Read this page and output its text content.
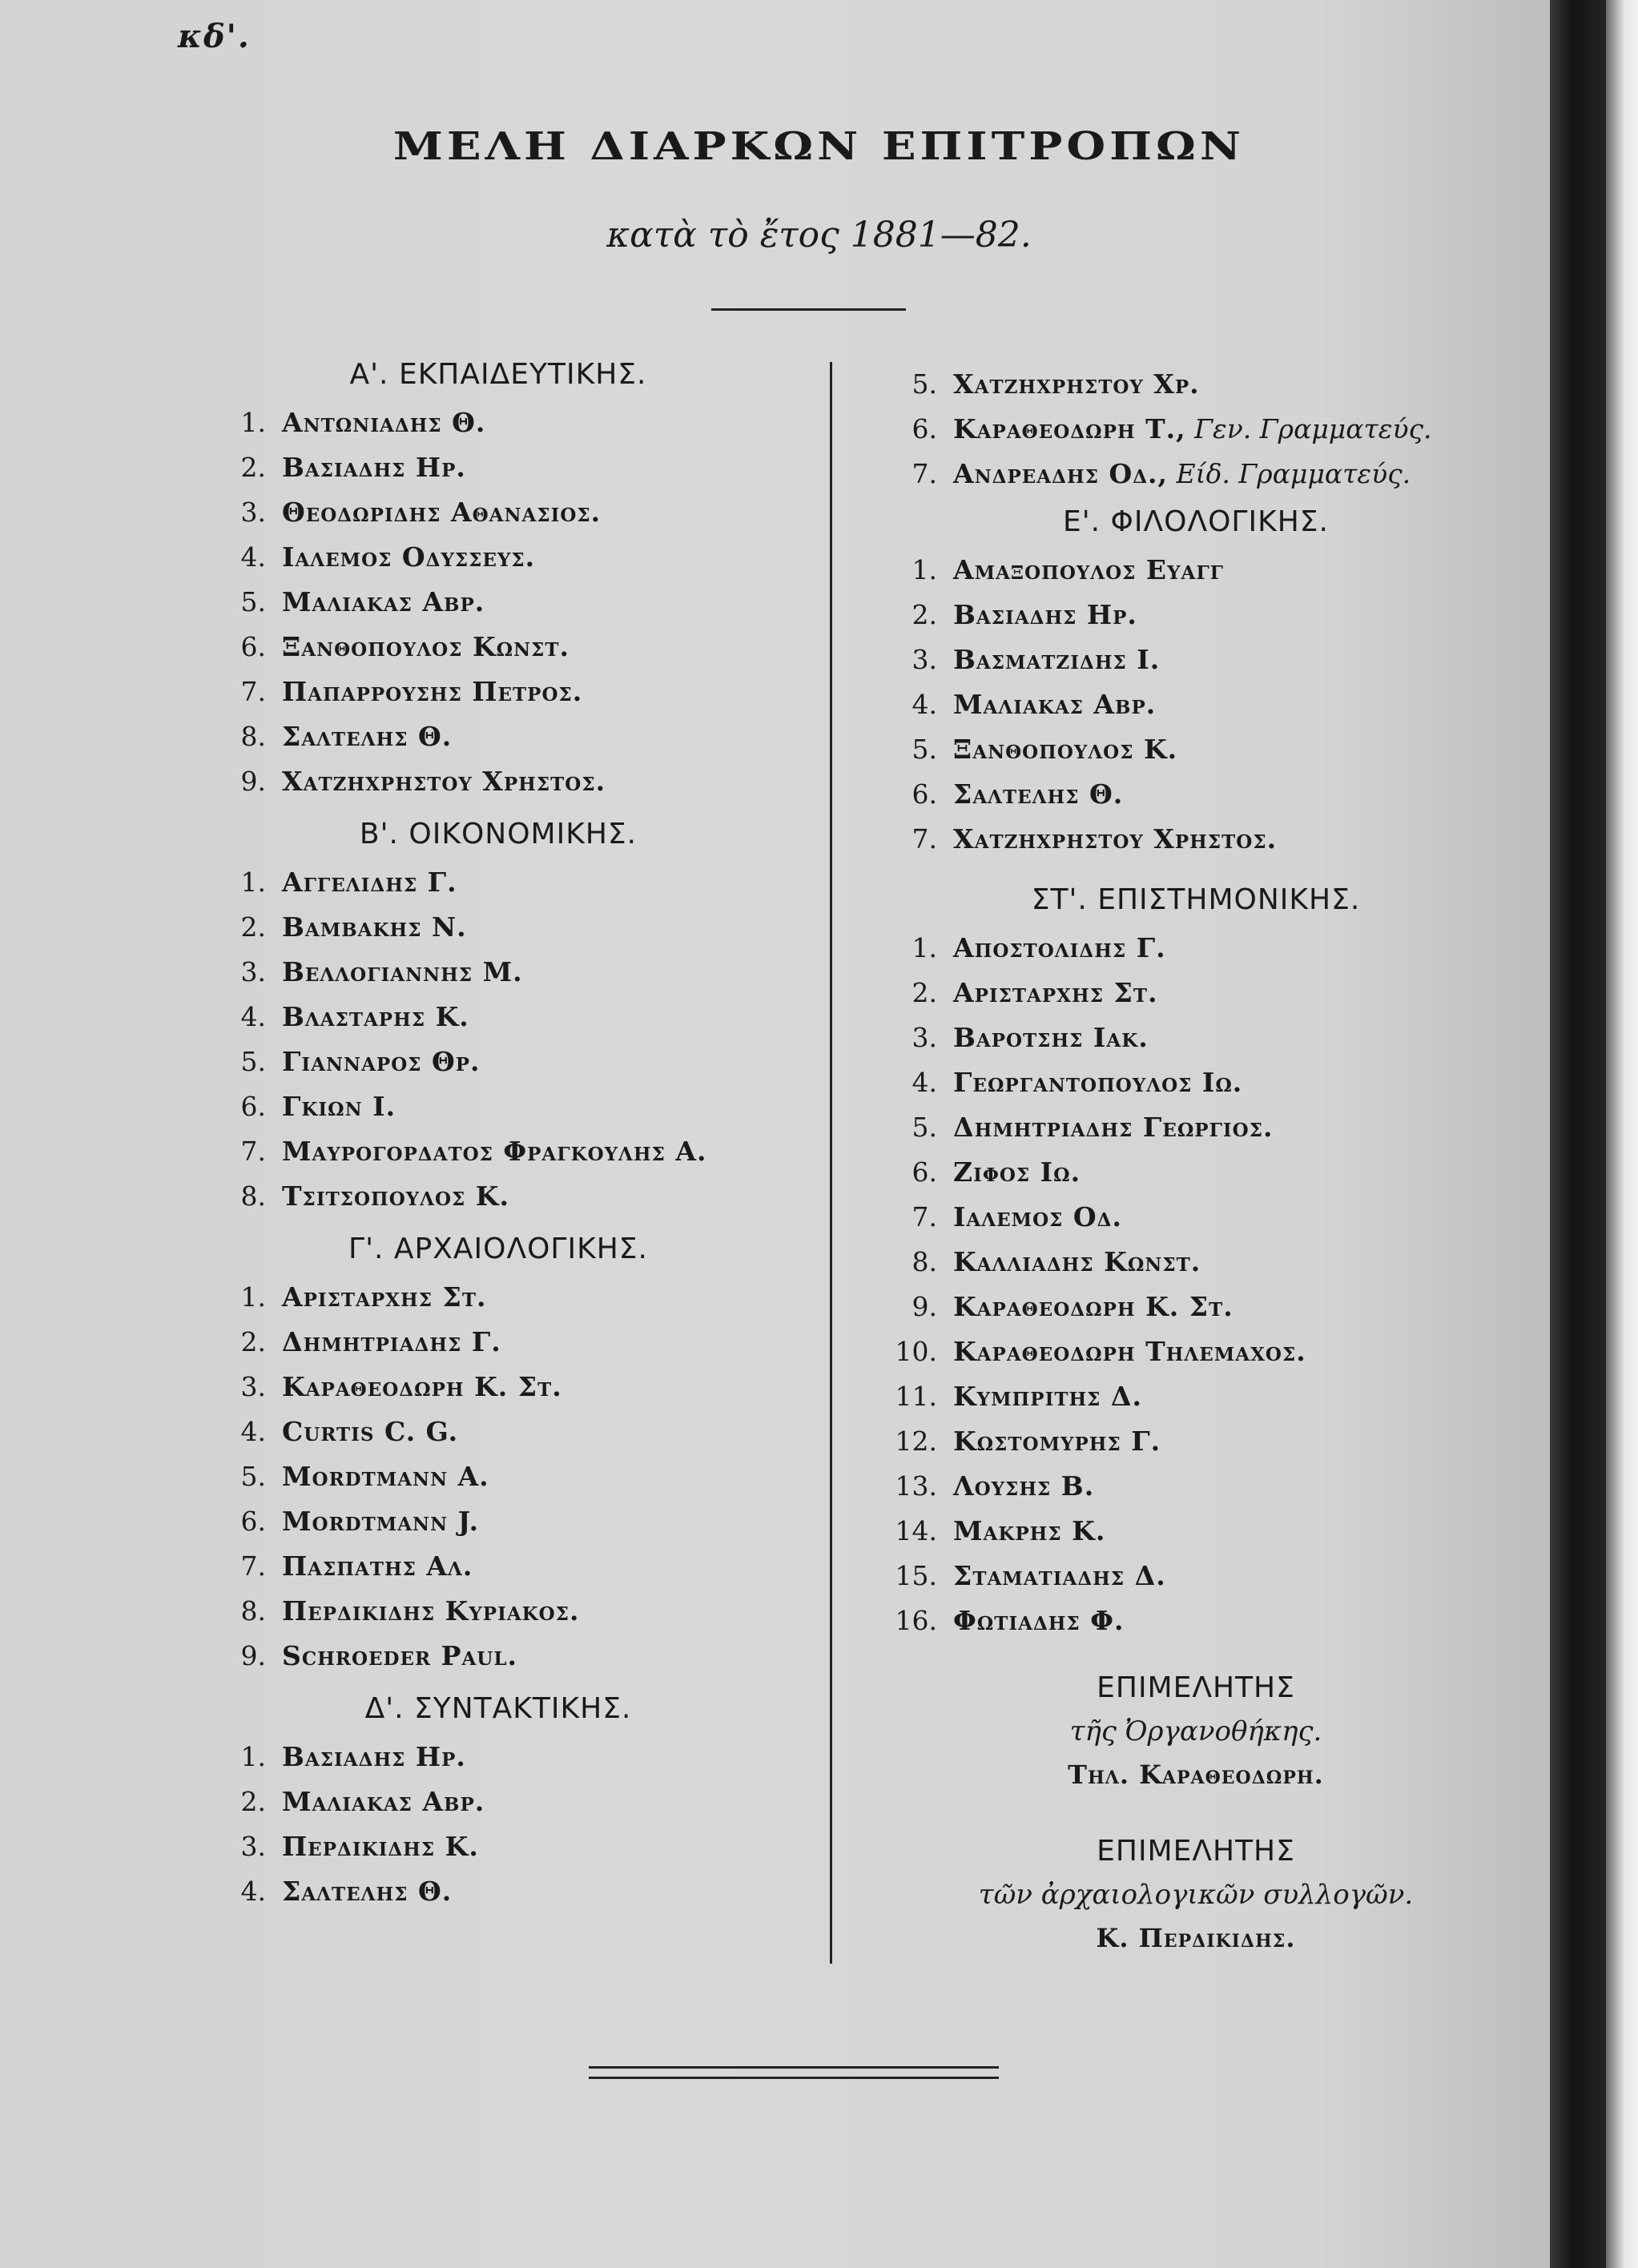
κδ'.
ΜΕΛΗ ΔΙΑΡΚΩΝ ΕΠΙΤΡΟΠΩΝ
κατὰ τὸ ἔτος 1881—82.
Α'. ΕΚΠΑΙΔΕΥΤΙΚΗΣ.
1. Αντωνιαδης Θ.
2. Βασιαδης Ηρ.
3. Θεοδωριδης Αθανασιος.
4. Ιαλεμος Οδυσσευς.
5. Μαλιακας Αβρ.
6. Ξανθοπουλος Κωνστ.
7. Παπαρρουσης Πετρος.
8. Σαλτελης Θ.
9. Χατζηχρηστου Χρηστος.
Β'. ΟΙΚΟΝΟΜΙΚΗΣ.
1. Αγγελιδης Γ.
2. Βαμβακης Ν.
3. Βελλογιαννης Μ.
4. Βλασταρης Κ.
5. Γιανναρος Θρ.
6. Γκιων Ι.
7. Μαυρογορδατος Φραγκουλης Α.
8. Τσιτσοπουλος Κ.
Γ'. ΑΡΧΑΙΟΛΟΓΙΚΗΣ.
1. Αρισταρχης Στ.
2. Δημητριαδης Γ.
3. Καραθεοδωρη Κ. Στ.
4. Curtis C. G.
5. Mordtmann A.
6. Mordtmann J.
7. Πασπατης Αλ.
8. Περδικιδης Κυριακος.
9. Schroeder Paul.
Δ'. ΣΥΝΤΑΚΤΙΚΗΣ.
1. Βασιαδης Ηρ.
2. Μαλιακας Αβρ.
3. Περδικιδης Κ.
4. Σαλτελης Θ.
5. Χατζηχρηστου Χρ.
6. Καραθεοδωρη Τ., Γεν. Γραμματεύς.
7. Ανδρεαδης Οδ., Είδ. Γραμματεύς.
Ε'. ΦΙΛΟΛΟΓΙΚΗΣ.
1. Αμαξοπουλος Ευαγγ
2. Βασιαδης Ηρ.
3. Βασματζιδης Ι.
4. Μαλιακας Αβρ.
5. Ξανθοπουλος Κ.
6. Σαλτελης Θ.
7. Χατζηχρηστου Χρηστος.
ΣΤ'. ΕΠΙΣΤΗΜΟΝΙΚΗΣ.
1. Αποστολιδης Γ.
2. Αρισταρχης Στ.
3. Βαροτσης Ιακ.
4. Γεωργαντοπουλος Ιω.
5. Δημητριαδης Γεωργιος.
6. Ζιφος Ιω.
7. Ιαλεμος Οδ.
8. Καλλιαδης Κωνστ.
9. Καραθεοδωρη Κ. Στ.
10. Καραθεοδωρη Τηλεμαχος.
11. Κυμπριτης Δ.
12. Κωστομυρης Γ.
13. Λουσης Β.
14. Μακρης Κ.
15. Σταματιαδης Δ.
16. Φωτιαδης Φ.
ΕΠΙΜΕΛΗΤΗΣ
τῆς Ὀργανοθήκης.
Τηλ. Καραθεοδωρη.
ΕΠΙΜΕΛΗΤΗΣ
τῶν ἀρχαιολογικῶν συλλογῶν.
Κ. Περδικιδης.
